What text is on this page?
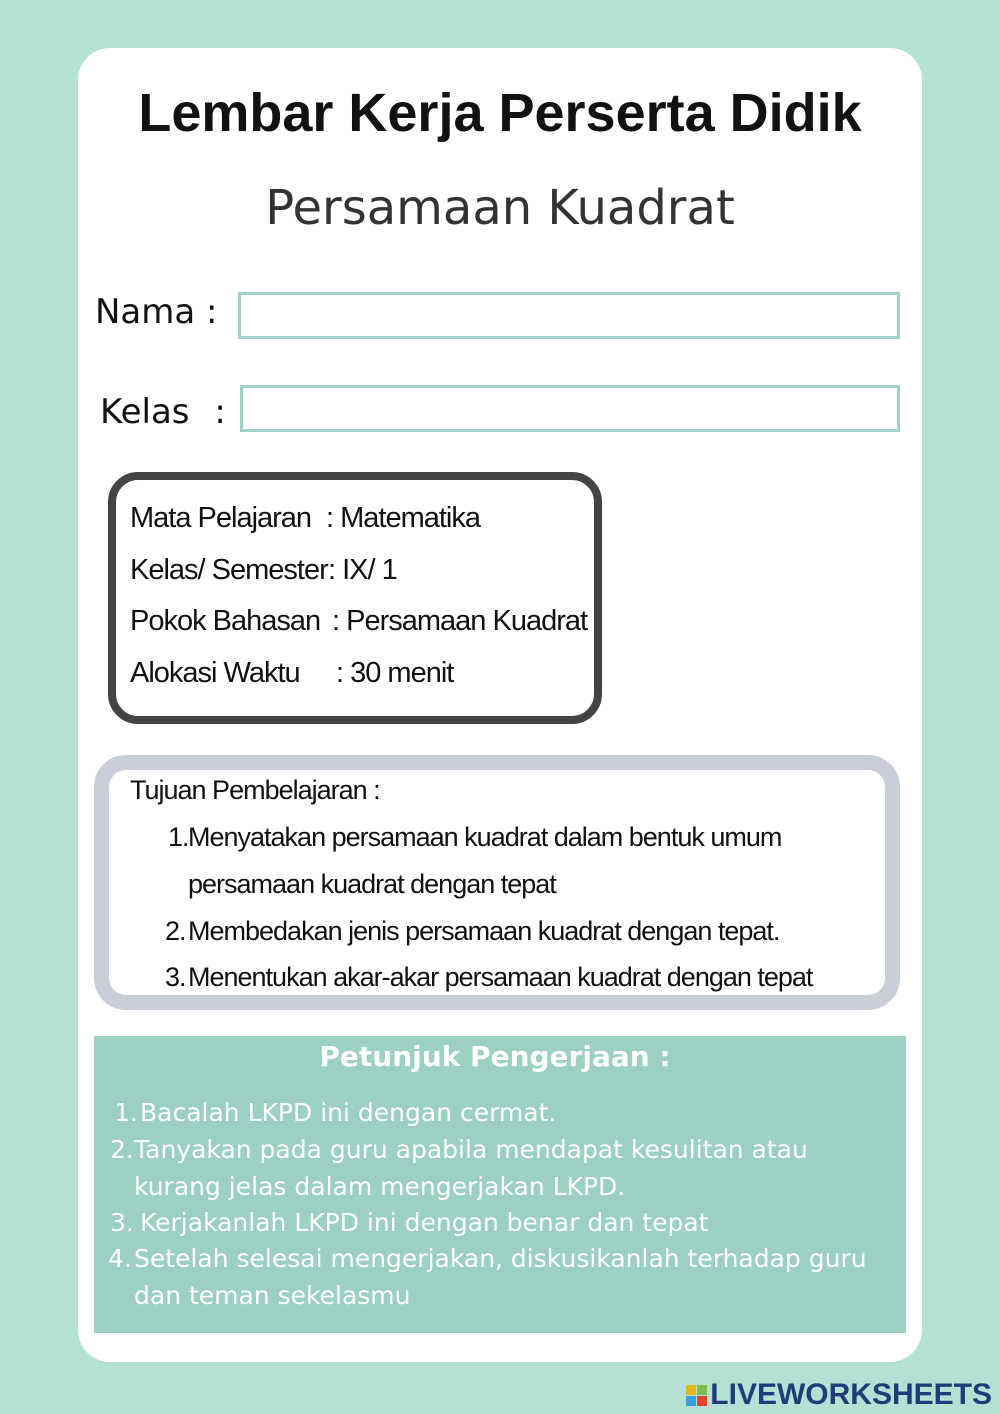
Lembar Kerja Perserta Didik
Persamaan Kuadrat
Nama :
Kelas :
Mata Pelajaran : Matematika
Kelas/ Semester : IX/ 1
Pokok Bahasan : Persamaan Kuadrat
Alokasi Waktu : 30 menit
Tujuan Pembelajaran :
1. Menyatakan persamaan kuadrat dalam bentuk umum
persamaan kuadrat dengan tepat
2. Membedakan jenis persamaan kuadrat dengan tepat.
3. Menentukan akar-akar persamaan kuadrat dengan tepat
Petunjuk Pengerjaan :
1. Bacalah LKPD ini dengan cermat.
2. Tanyakan pada guru apabila mendapat kesulitan atau
kurang jelas dalam mengerjakan LKPD.
3. Kerjakanlah LKPD ini dengan benar dan tepat
4. Setelah selesai mengerjakan, diskusikanlah terhadap guru
dan teman sekelasmu
LIVEWORKSHEETS
